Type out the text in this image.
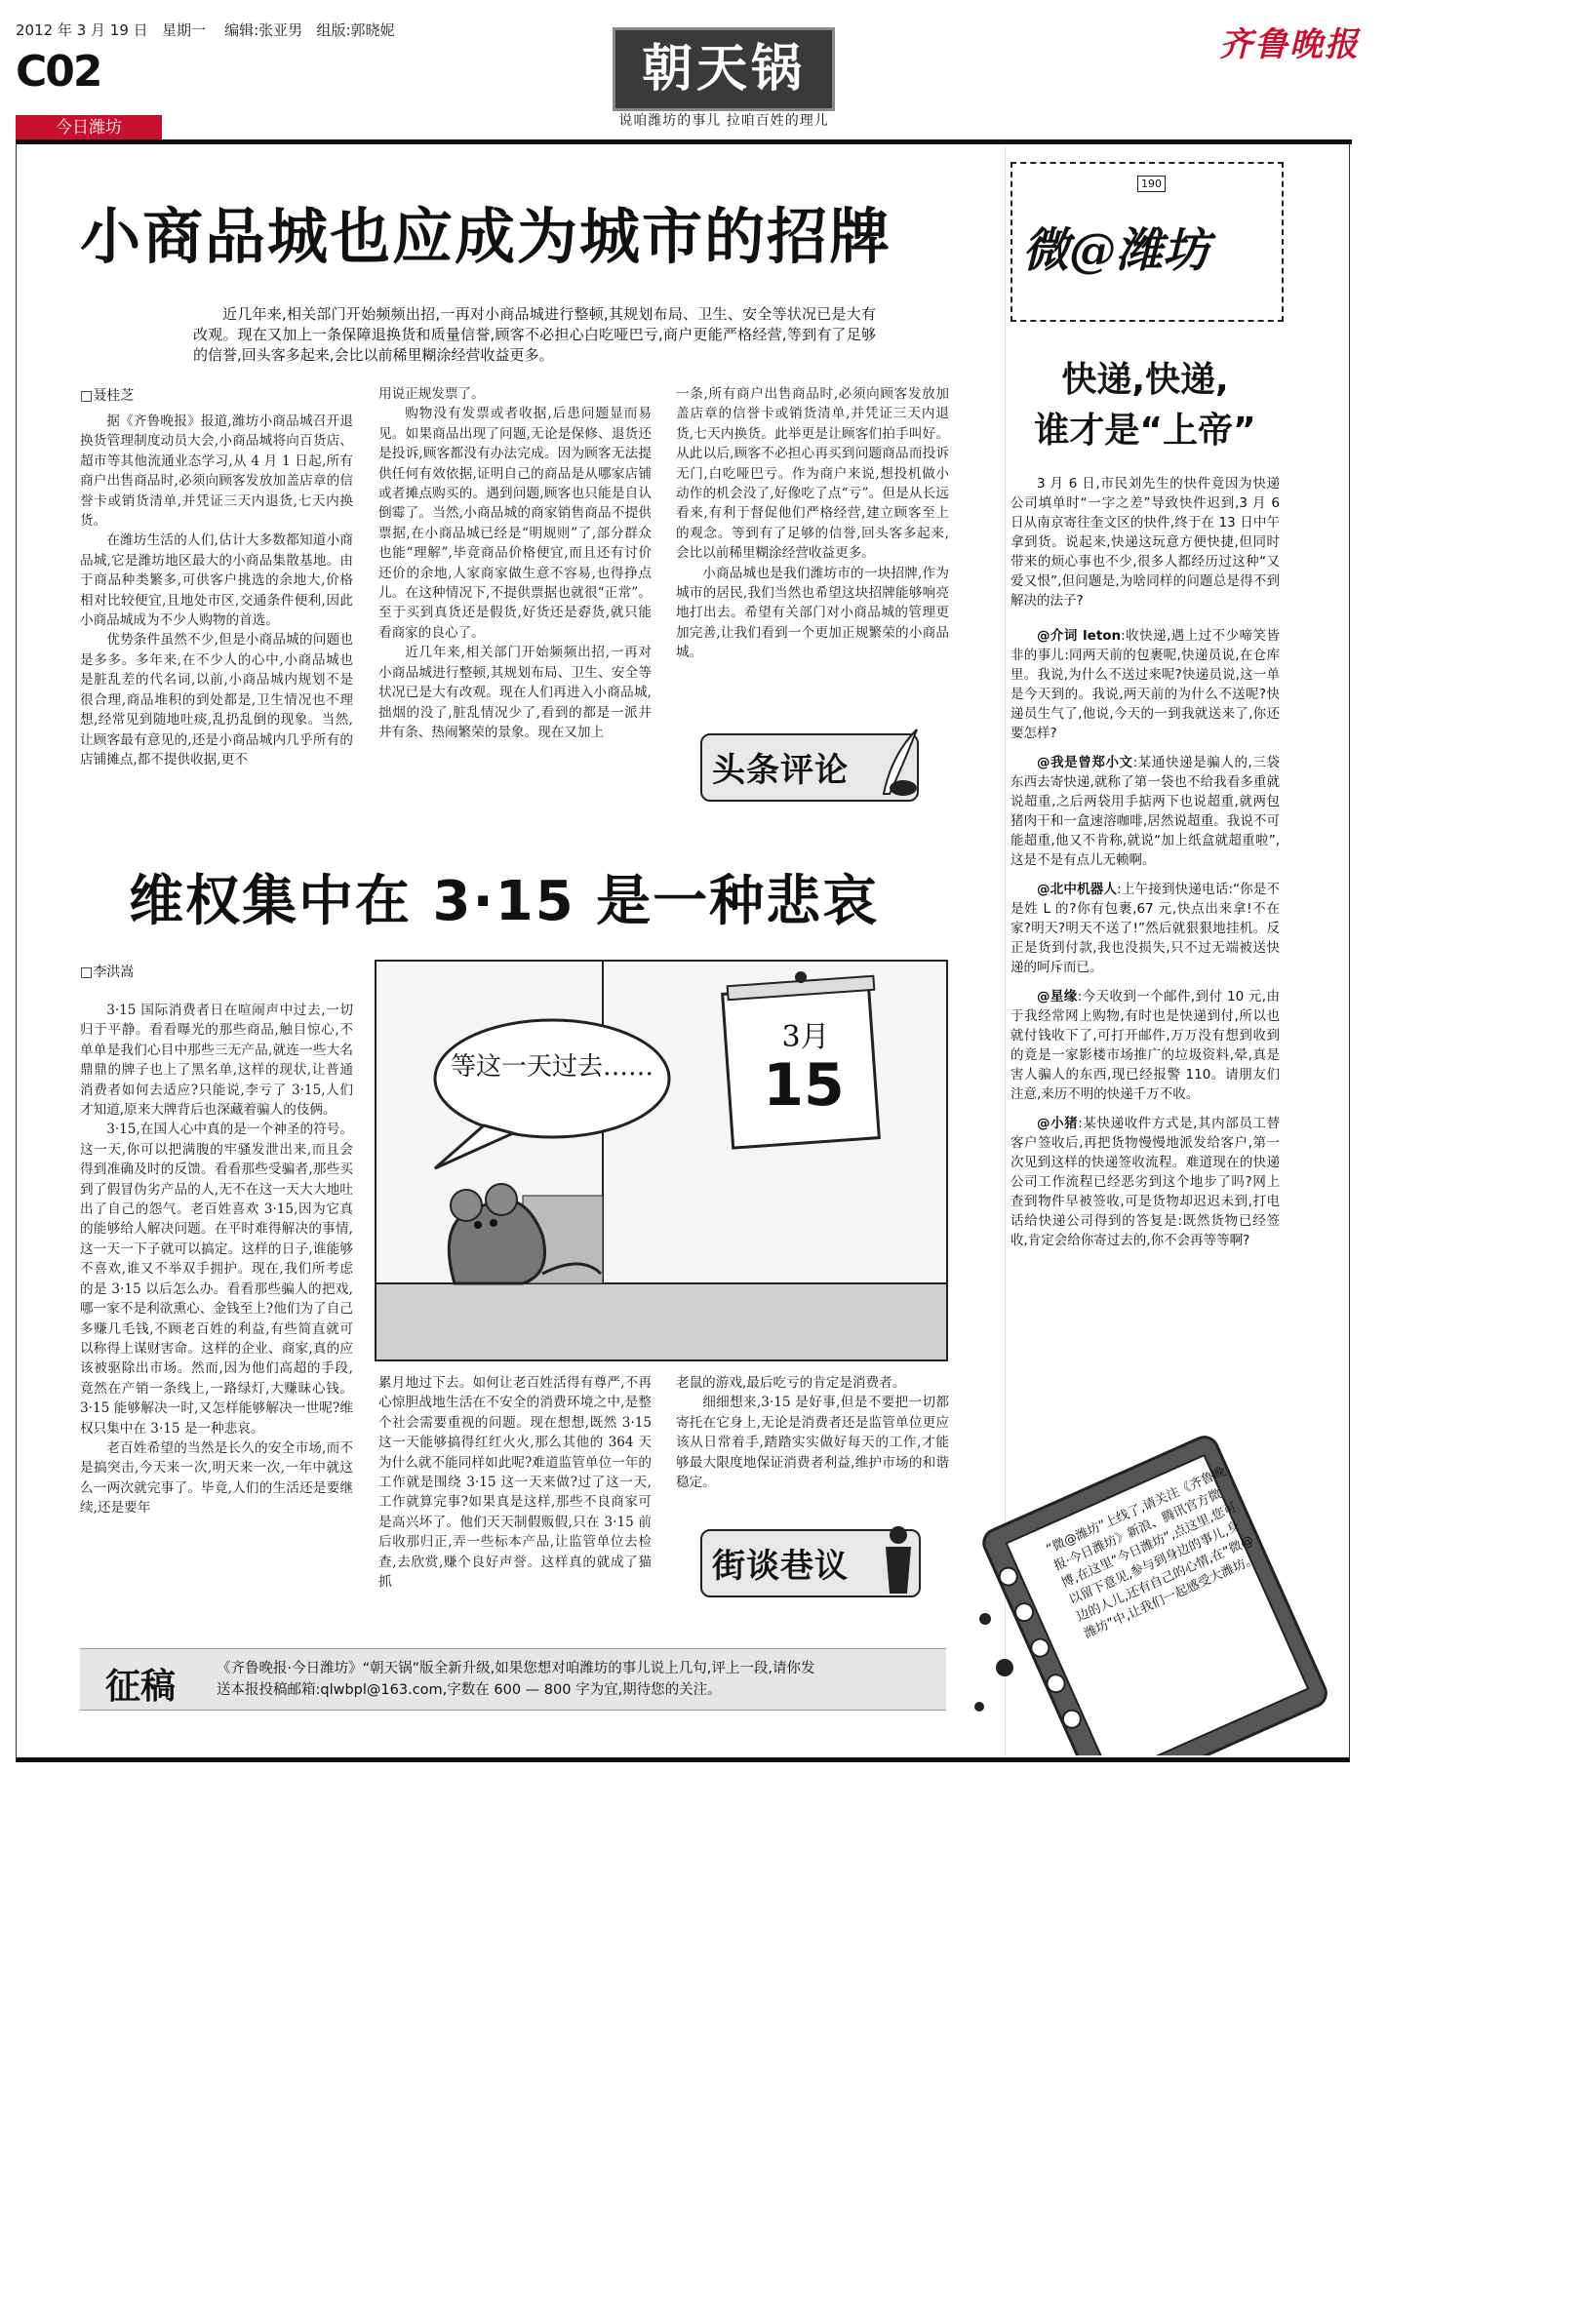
2012 年 3 月 19 日 星期一 编辑:张亚男 组版:郭晓妮
C02
今日潍坊
朝天锅
说咱潍坊的事儿 拉咱百姓的理儿
齐鲁晚报
小商品城也应成为城市的招牌
近几年来,相关部门开始频频出招,一再对小商品城进行整顿,其规划布局、卫生、安全等状况已是大有改观。现在又加上一条保障退换货和质量信誉,顾客不必担心白吃哑巴亏,商户更能严格经营,等到有了足够的信誉,回头客多起来,会比以前稀里糊涂经营收益更多。
□聂桂芝

据《齐鲁晚报》报道,潍坊小商品城召开退换货管理制度动员大会,小商品城将向百货店、超市等其他流通业态学习,从 4 月 1 日起,所有商户出售商品时,必须向顾客发放加盖店章的信誉卡或销货清单,并凭证三天内退货,七天内换货。

在潍坊生活的人们,估计大多数都知道小商品城,它是潍坊地区最大的小商品集散基地。由于商品种类繁多,可供客户挑选的余地大,价格相对比较便宜,且地处市区,交通条件便利,因此小商品城成为不少人购物的首选。

优势条件虽然不少,但是小商品城的问题也是多多。多年来,在不少人的心中,小商品城也是脏乱差的代名词,以前,小商品城内规划不是很合理,商品堆积的到处都是,卫生情况也不理想,经常见到随地吐痰,乱扔乱倒的现象。当然,让顾客最有意见的,还是小商品城内几乎所有的店铺摊点,都不提供收据,更不

用说正规发票了。

购物没有发票或者收据,后患问题显而易见。如果商品出现了问题,无论是保修、退货还是投诉,顾客都没有办法完成。因为顾客无法提供任何有效依据,证明自己的商品是从哪家店铺或者摊点购买的。遇到问题,顾客也只能是自认倒霉了。当然,小商品城的商家销售商品不提供票据,在小商品城已经是“明规则”了,部分群众也能“理解”,毕竟商品价格便宜,而且还有讨价还价的余地,人家商家做生意不容易,也得挣点儿。在这种情况下,不提供票据也就很“正常”。至于买到真货还是假货,好货还是孬货,就只能看商家的良心了。

近几年来,相关部门开始频频出招,一再对小商品城进行整顿,其规划布局、卫生、安全等状况已是大有改观。现在人们再进入小商品城,拙烟的没了,脏乱情况少了,看到的都是一派井井有条、热闹繁荣的景象。现在又加上

一条,所有商户出售商品时,必须向顾客发放加盖店章的信誉卡或销货清单,并凭证三天内退货,七天内换货。此举更是让顾客们拍手叫好。从此以后,顾客不必担心再买到问题商品而投诉无门,白吃哑巴亏。作为商户来说,想投机做小动作的机会没了,好像吃了点“亏”。但是从长远看来,有利于督促他们严格经营,建立顾客至上的观念。等到有了足够的信誉,回头客多起来,会比以前稀里糊涂经营收益更多。

小商品城也是我们潍坊市的一块招牌,作为城市的居民,我们当然也希望这块招牌能够响亮地打出去。希望有关部门对小商品城的管理更加完善,让我们看到一个更加正规繁荣的小商品城。

头条评论
维权集中在 3·15 是一种悲哀
□李洪嵩

3·15 国际消费者日在喧闹声中过去,一切归于平静。看看曝光的那些商品,触目惊心,不单单是我们心目中那些三无产品,就连一些大名鼎鼎的牌子也上了黑名单,这样的现状,让普通消费者如何去适应?只能说,李亏了 3·15,人们才知道,原来大牌背后也深藏着骗人的伎俩。

3·15,在国人心中真的是一个神圣的符号。这一天,你可以把满腹的牢骚发泄出来,而且会得到准确及时的反馈。看看那些受骗者,那些买到了假冒伪劣产品的人,无不在这一天大大地吐出了自己的怨气。老百姓喜欢 3·15,因为它真的能够给人解决问题。在平时难得解决的事情,这一天一下子就可以搞定。这样的日子,谁能够不喜欢,谁又不举双手拥护。现在,我们所考虑的是 3·15 以后怎么办。看看那些骗人的把戏,哪一家不是利欲熏心、金钱至上?他们为了自己多赚几毛钱,不顾老百姓的利益,有些简直就可以称得上谋财害命。这样的企业、商家,真的应该被驱除出市场。然而,因为他们高超的手段,竟然在产销一条线上,一路绿灯,大赚昧心钱。3·15 能够解决一时,又怎样能够解决一世呢?维权只集中在 3·15 是一种悲哀。

老百姓希望的当然是长久的安全市场,而不是搞突击,今天来一次,明天来一次,一年中就这么一两次就完事了。毕竟,人们的生活还是要继续,还是要年

等这一天过去……
3月
15

累月地过下去。如何让老百姓活得有尊严,不再心惊胆战地生活在不安全的消费环境之中,是整个社会需要重视的问题。现在想想,既然 3·15 这一天能够搞得红红火火,那么其他的 364 天为什么就不能同样如此呢?难道监管单位一年的工作就是围绕 3·15 这一天来做?过了这一天,工作就算完事?如果真是这样,那些不良商家可是高兴坏了。他们天天制假贩假,只在 3·15 前后收那归正,弄一些标本产品,让监管单位去检查,去欣赏,赚个良好声誉。这样真的就成了猫抓

老鼠的游戏,最后吃亏的肯定是消费者。

细细想来,3·15 是好事,但是不要把一切都寄托在它身上,无论是消费者还是监管单位更应该从日常着手,踏踏实实做好每天的工作,才能够最大限度地保证消费者利益,维护市场的和谐稳定。

街谈巷议
征稿	《齐鲁晚报·今日潍坊》“朝天锅”版全新升级,如果您想对咱潍坊的事儿说上几句,评上一段,请你发
送本报投稿邮箱:qlwbpl@163.com,字数在 600 — 800 字为宜,期待您的关注。
微@潍坊
190
快递,快递,
谁才是“上帝”

3 月 6 日,市民刘先生的快件竟因为快递公司填单时“一字之差”导致快件迟到,3 月 6 日从南京寄往奎文区的快件,终于在 13 日中午拿到货。说起来,快递这玩意方便快捷,但同时带来的烦心事也不少,很多人都经历过这种“又爱又恨”,但问题是,为啥同样的问题总是得不到解决的法子?

@介词 leton:收快递,遇上过不少啼笑皆非的事儿:同两天前的包裹呢,快递员说,在仓库里。我说,为什么不送过来呢?快递员说,这一单是今天到的。我说,两天前的为什么不送呢?快递员生气了,他说,今天的一到我就送来了,你还要怎样?

@我是曾郑小文:某通快递是骗人的,三袋东西去寄快递,就称了第一袋也不给我看多重就说超重,之后两袋用手掂两下也说超重,就两包猪肉干和一盒速溶咖啡,居然说超重。我说不可能超重,他又不肯称,就说“加上纸盒就超重啦”,这是不是有点儿无赖啊。

@北中机器人:上午接到快递电话:“你是不是姓 L 的?你有包裹,67 元,快点出来拿!不在家?明天?明天不送了!”然后就狠狠地挂机。反正是货到付款,我也没损失,只不过无端被送快递的呵斥而已。

@星缘:今天收到一个邮件,到付 10 元,由于我经常网上购物,有时也是快递到付,所以也就付钱收下了,可打开邮件,万万没有想到收到的竟是一家影楼市场推广的垃圾资料,晕,真是害人骗人的东西,现已经报警 110。请朋友们注意,来历不明的快递千万不收。

@小猪:某快递收件方式是,其内部员工替客户签收后,再把货物慢慢地派发给客户,第一次见到这样的快递签收流程。难道现在的快递公司工作流程已经恶劣到这个地步了吗?网上查到物件早被签收,可是货物却迟迟未到,打电话给快递公司得到的答复是:既然货物已经签收,肯定会给你寄过去的,你不会再等等啊?

“微@潍坊”上线了,请关注《齐鲁晚报·今日潍坊》新浪、腾讯官方微博,在这里“今日潍坊”,点这里,您可以留下意见,参与到身边的事儿,身边的人儿,还有自己的心情,在“微@潍坊”中,让我们一起感受大潍坊。
